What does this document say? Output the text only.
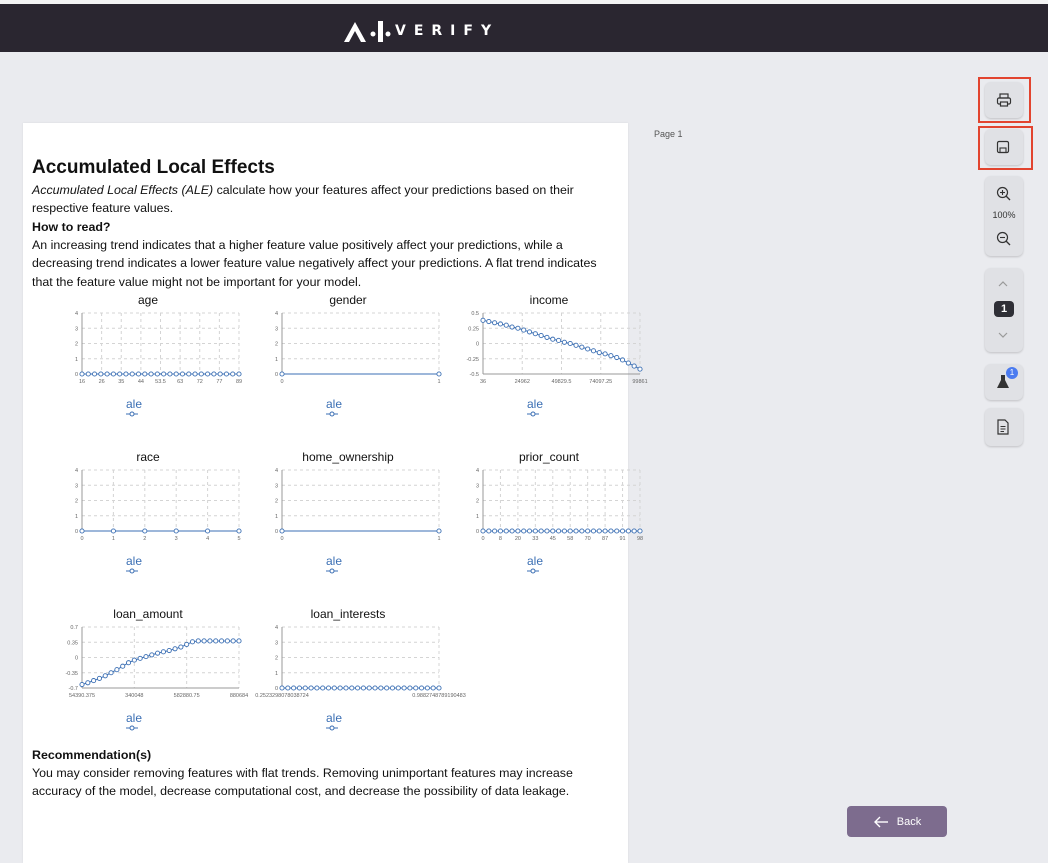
VERIFY
Page 1
Accumulated Local Effects
Accumulated Local Effects (ALE) calculate how your features affect your predictions based on their respective feature values.
How to read?
An increasing trend indicates that a higher feature value positively affect your predictions, while a decreasing trend indicates a lower feature value negatively affect your predictions. A flat trend indicates that the feature value might not be important for your model.
age
4
3
2
1
0
16 26 35 44 53.5 63 72 77 89
ale
gender
4
3
2
1
0
0	1
ale
income
0.5
0.25
0
-0.25
-0.5
36	24962	49829.5	74097.25	99861
ale
race
4
3
2
1
0
0	1	2	3	4	5
ale
home_ownership
4
3
2
1
0
0	1
ale
prior_count
4
3
2
1
0
0	8 20 33 45 58 70 87 91 98
ale
loan_amount
0.7
0.35
0
-0.35
-0.7
54390.375	340048	582880.75	880684
ale
loan_interests
4
3
2
1
0
0.2523298078038724	0.9882748789190483
ale
Recommendation(s)
You may consider removing features with flat trends. Removing unimportant features may increase accuracy of the model, decrease computational cost, and decrease the possibility of data leakage.
100%
1
1
Back
